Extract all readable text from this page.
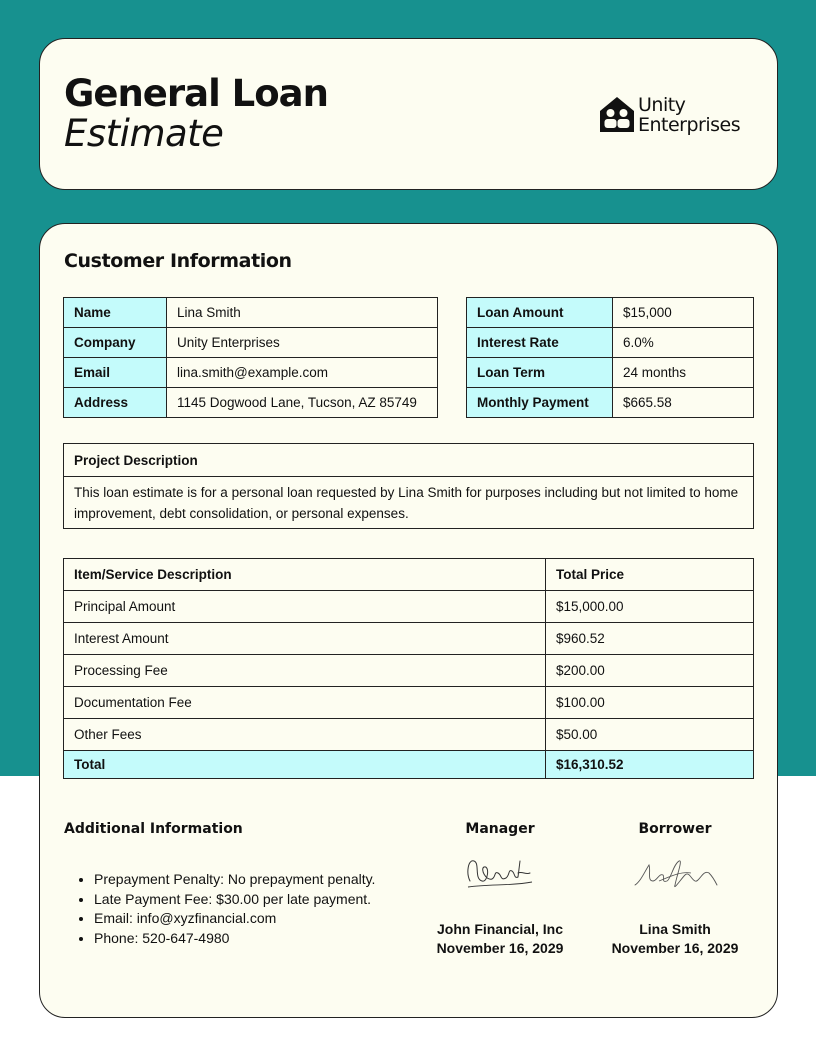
General Loan
Estimate
Unity
Enterprises
Customer Information
Name	Lina Smith
Company	Unity Enterprises
Email	lina.smith@example.com
Address	1145 Dogwood Lane, Tucson, AZ 85749
Loan Amount	$15,000
Interest Rate	6.0%
Loan Term	24 months
Monthly Payment	$665.58
Project Description
This loan estimate is for a personal loan requested by Lina Smith for purposes including but not limited to home improvement, debt consolidation, or personal expenses.
Item/Service Description	Total Price
Principal Amount	$15,000.00
Interest Amount	$960.52
Processing Fee	$200.00
Documentation Fee	$100.00
Other Fees	$50.00
Total	$16,310.52
Additional Information
• Prepayment Penalty: No prepayment penalty.
• Late Payment Fee: $30.00 per late payment.
• Email: info@xyzfinancial.com
• Phone: 520-647-4980
Manager
John Financial, Inc
November 16, 2029
Borrower
Lina Smith
November 16, 2029
